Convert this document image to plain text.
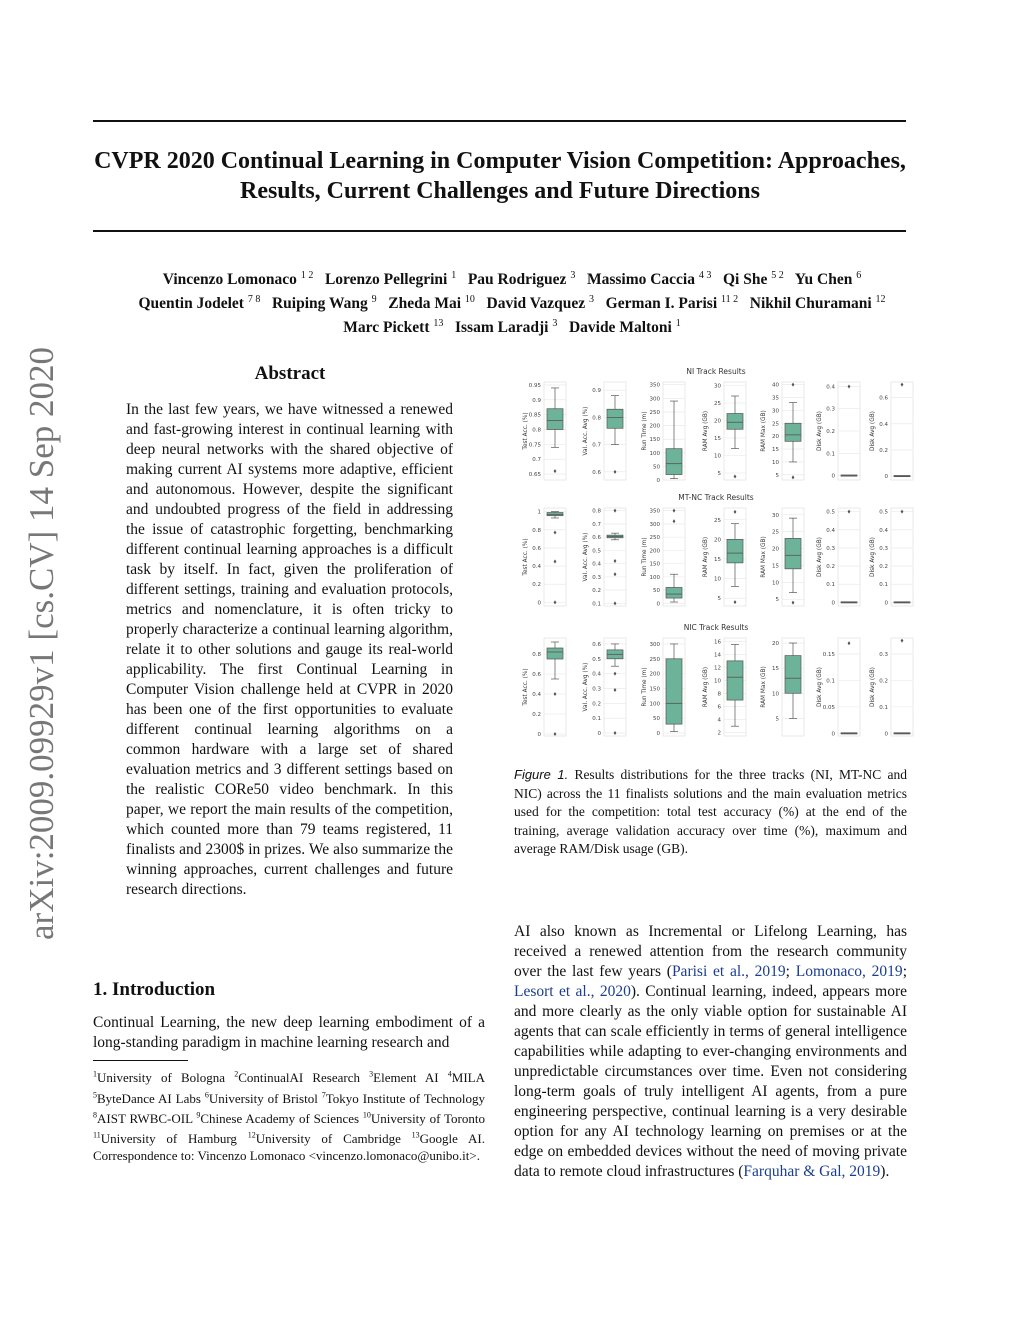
CVPR 2020 Continual Learning in Computer Vision Competition: Approaches,
Results, Current Challenges and Future Directions
Vincenzo Lomonaco $^{1 2}$ Lorenzo Pellegrini $^1$ Pau Rodriguez $^3$ Massimo Caccia $^{4 3}$ Qi She $^{5 2}$ Yu Chen $^6$
Quentin Jodelet $^{7 8}$ Ruiping Wang $^9$ Zheda Mai $^{10}$ David Vazquez $^3$ German I. Parisi $^{11 2}$ Nikhil Churamani $^{12}$
Marc Pickett $^{13}$ Issam Laradji $^3$ Davide Maltoni $^1$
arXiv:2009.09929v1 [cs.CV] 14 Sep 2020	Abstract
In the last few years, we have witnessed a renewed and fast-growing interest in continual learning with deep neural networks with the shared objective of making current AI systems more adaptive, efficient and autonomous. However, despite the significant and undoubted progress of the field in addressing the issue of catastrophic forgetting, benchmarking different continual learning approaches is a difficult task by itself. In fact, given the proliferation of different settings, training and evaluation protocols, metrics and nomenclature, it is often tricky to properly characterize a continual learning algorithm, relate it to other solutions and gauge its real-world applicability. The first Continual Learning in Computer Vision challenge held at CVPR in 2020 has been one of the first opportunities to evaluate different continual learning algorithms on a common hardware with a large set of shared evaluation metrics and 3 different settings based on the realistic CORe50 video benchmark. In this paper, we report the main results of the competition, which counted more than 79 teams registered, 11 finalists and 2300$ in prizes. We also summarize the winning approaches, current challenges and future research directions.
1. Introduction
Continual Learning, the new deep learning embodiment of a long-standing paradigm in machine learning research and
$^1$University of Bologna $^2$ContinualAI Research $^3$Element AI $^4$MILA $^5$ByteDance AI Labs $^6$University of Bristol $^7$Tokyo Institute of Technology $^8$AIST RWBC-OIL $^9$Chinese Academy of Sciences $^{10}$University of Toronto $^{11}$University of Hamburg $^{12}$University of Cambridge $^{13}$Google AI. Correspondence to: Vincenzo Lomonaco <vincenzo.lomonaco@unibo.it>.
NI Track Results
0.65
0.7
0.75
0.8
0.85
0.9
0.95
Test Acc. (%)
0.6
0.7
0.8
0.9
Val. Acc. Avg (%)
0
50
100
150
200
250
300
350
Run Time (m)
5
10
15
20
25
30
RAM Avg (GB)
5
10
15
20
25
30
35
40
RAM Max (GB)
0
0.1
0.2
0.3
0.4
Disk Avg (GB)
0
0.2
0.4
0.6
Disk Avg (GB)
MT-NC Track Results
0
0.2
0.4
0.6
0.8
1
Test Acc. (%)
0.1
0.2
0.3
0.4
0.5
0.6
0.7
0.8
Val. Acc. Avg (%)
0
50
100
150
200
250
300
350
Run Time (m)
5
10
15
20
25
RAM Avg (GB)
5
10
15
20
25
30
RAM Max (GB)
0
0.1
0.2
0.3
0.4
0.5
Disk Avg (GB)
0
0.1
0.2
0.3
0.4
0.5
Disk Avg (GB)
NIC Track Results
0
0.2
0.4
0.6
0.8
Test Acc. (%)
0
0.1
0.2
0.3
0.4
0.5
0.6
Val. Acc. Avg (%)
0
50
100
150
200
250
300
Run Time (m)
2
4
6
8
10
12
14
16
RAM Avg (GB)
5
10
15
20
RAM Max (GB)
0
0.05
0.1
0.15
Disk Avg (GB)
0
0.1
0.2
0.3
Disk Avg (GB)
Figure 1. Results distributions for the three tracks (NI, MT-NC and NIC) across the 11 finalists solutions and the main evaluation metrics used for the competition: total test accuracy (%) at the end of the training, average validation accuracy over time (%), maximum and average RAM/Disk usage (GB).
AI also known as Incremental or Lifelong Learning, has received a renewed attention from the research community over the last few years (Parisi et al., 2019; Lomonaco, 2019; Lesort et al., 2020). Continual learning, indeed, appears more and more clearly as the only viable option for sustainable AI agents that can scale efficiently in terms of general intelligence capabilities while adapting to ever-changing environments and unpredictable circumstances over time. Even not considering long-term goals of truly intelligent AI agents, from a pure engineering perspective, continual learning is a very desirable option for any AI technology learning on premises or at the edge on embedded devices without the need of moving private data to remote cloud infrastructures (Farquhar & Gal, 2019).
